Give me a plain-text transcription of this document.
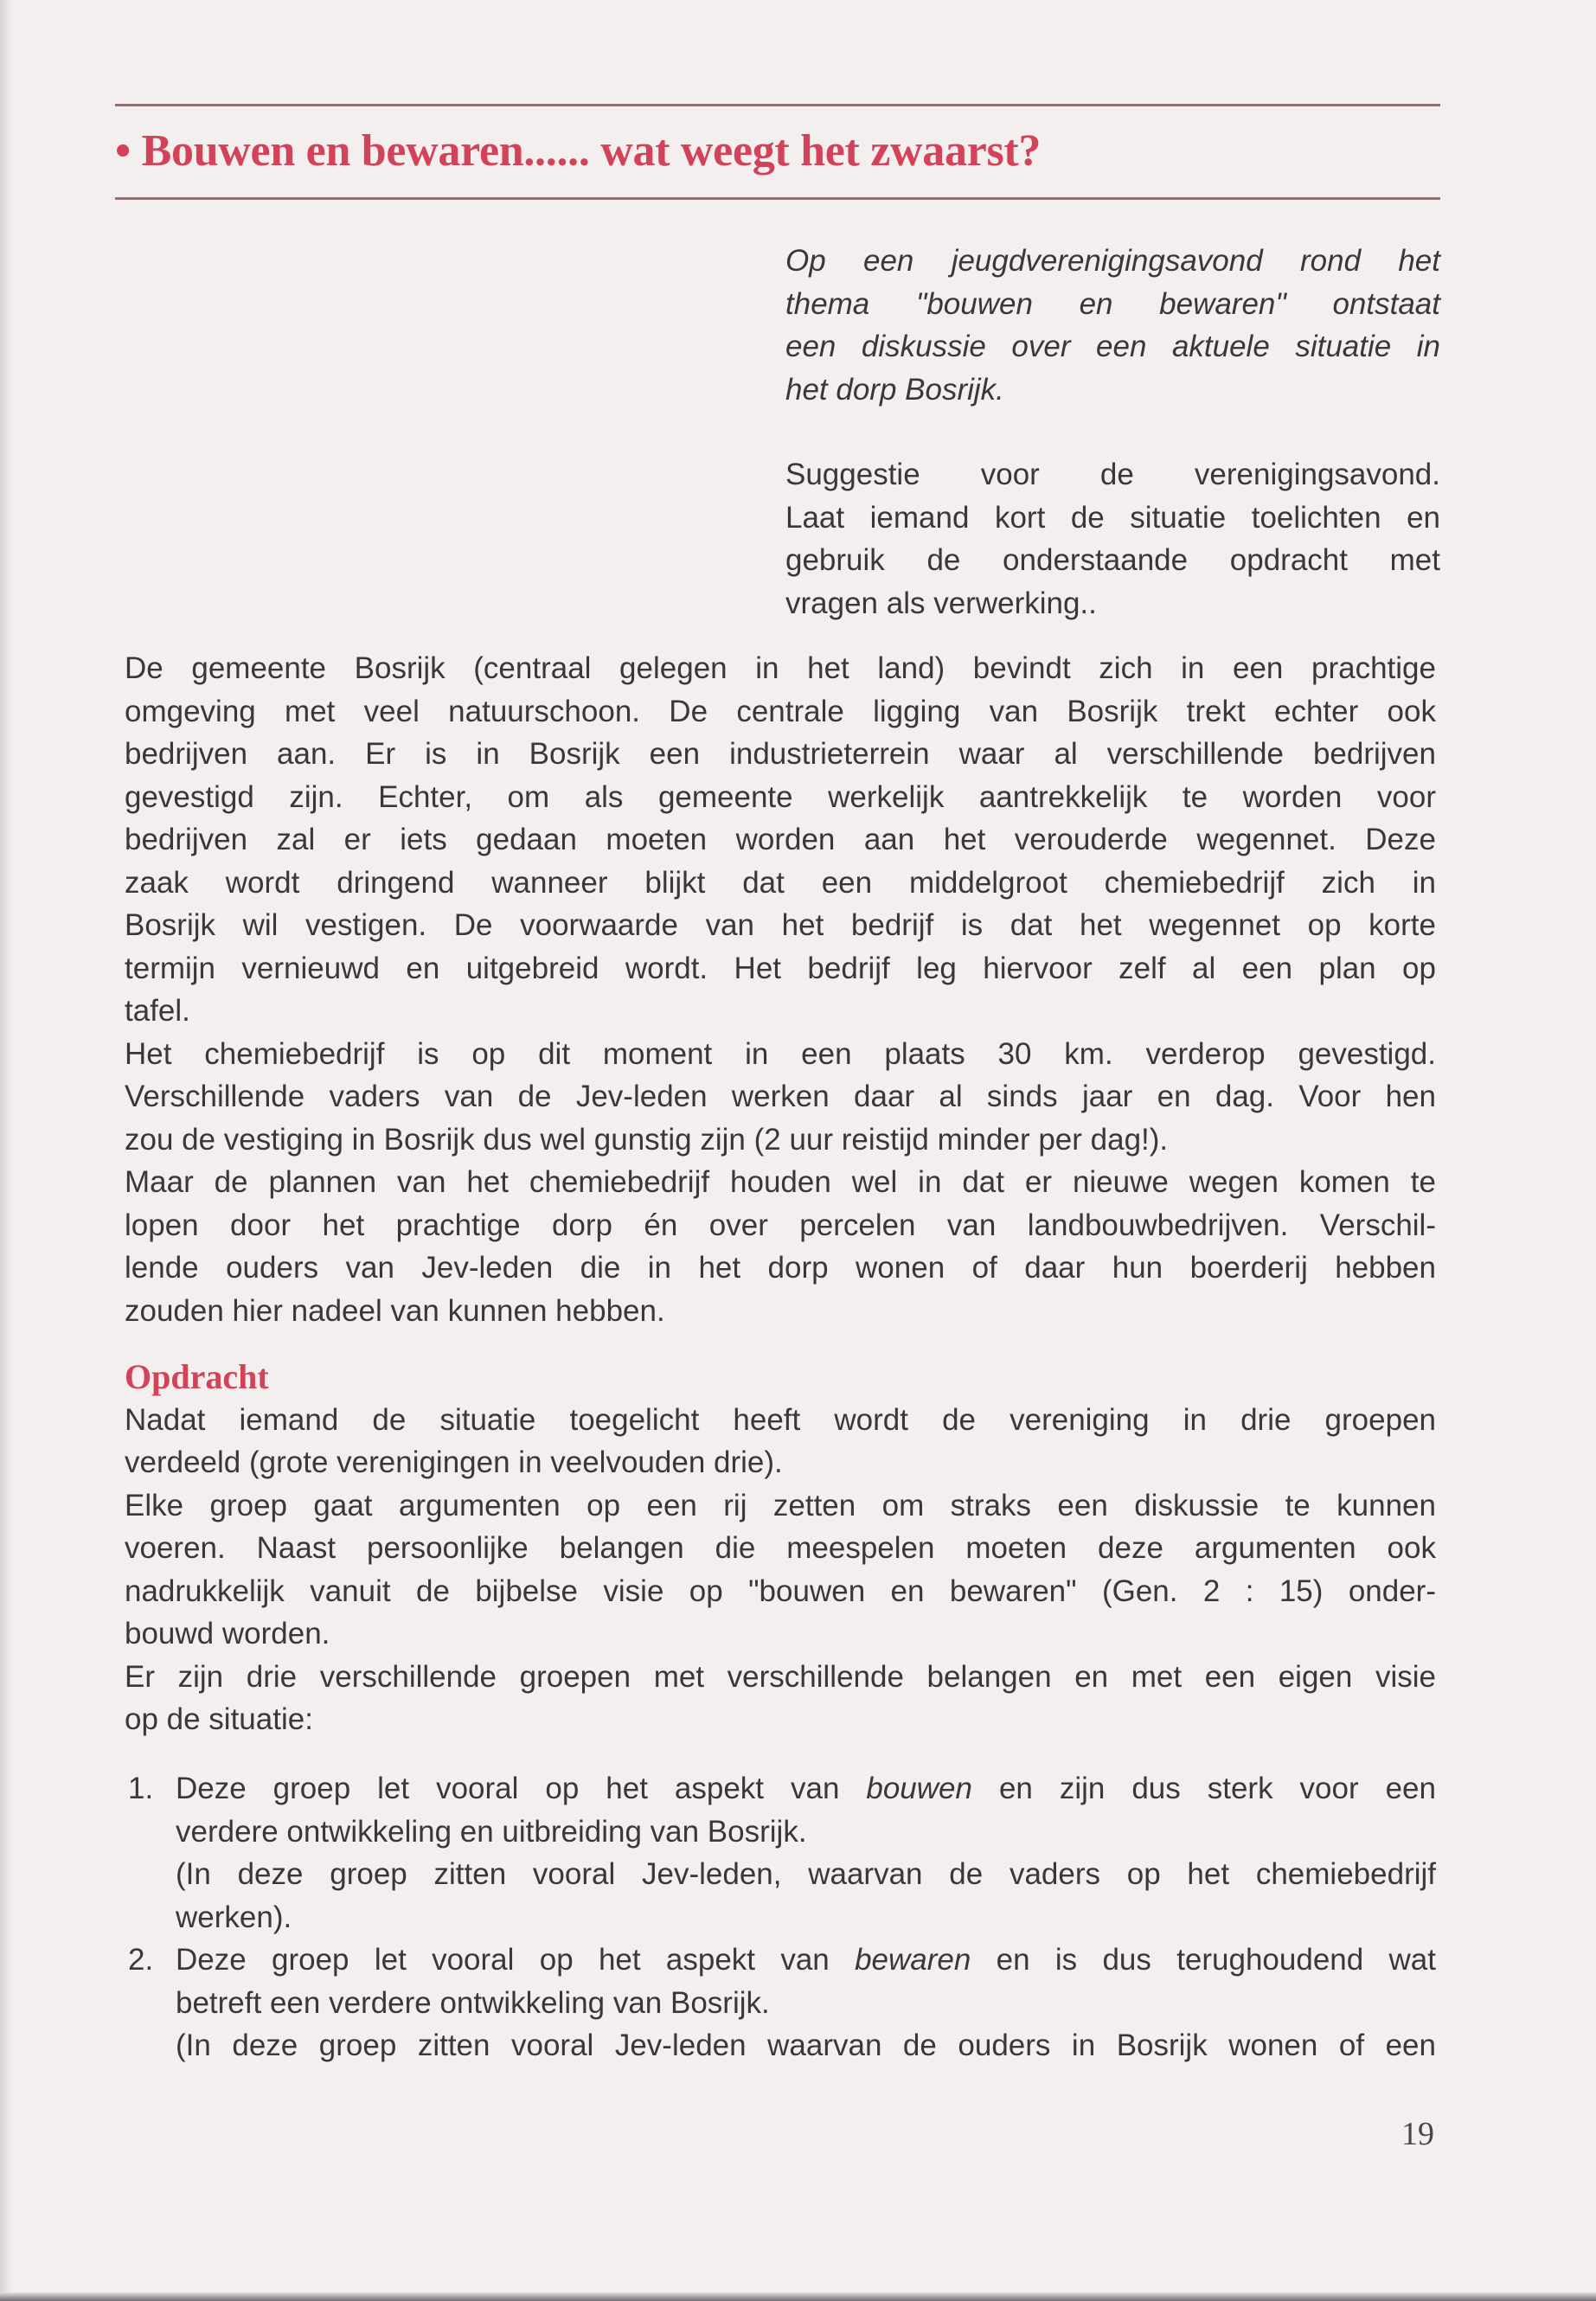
• Bouwen en bewaren...... wat weegt het zwaarst?
Op een jeugdverenigingsavond rond het
thema "bouwen en bewaren" ontstaat
een diskussie over een aktuele situatie in
het dorp Bosrijk.
Suggestie voor de verenigingsavond.
Laat iemand kort de situatie toelichten en
gebruik de onderstaande opdracht met
vragen als verwerking..
De gemeente Bosrijk (centraal gelegen in het land) bevindt zich in een prachtige
omgeving met veel natuurschoon. De centrale ligging van Bosrijk trekt echter ook
bedrijven aan. Er is in Bosrijk een industrieterrein waar al verschillende bedrijven
gevestigd zijn. Echter, om als gemeente werkelijk aantrekkelijk te worden voor
bedrijven zal er iets gedaan moeten worden aan het verouderde wegennet. Deze
zaak wordt dringend wanneer blijkt dat een middelgroot chemiebedrijf zich in
Bosrijk wil vestigen. De voorwaarde van het bedrijf is dat het wegennet op korte
termijn vernieuwd en uitgebreid wordt. Het bedrijf leg hiervoor zelf al een plan op
tafel.
Het chemiebedrijf is op dit moment in een plaats 30 km. verderop gevestigd.
Verschillende vaders van de Jev-leden werken daar al sinds jaar en dag. Voor hen
zou de vestiging in Bosrijk dus wel gunstig zijn (2 uur reistijd minder per dag!).
Maar de plannen van het chemiebedrijf houden wel in dat er nieuwe wegen komen te
lopen door het prachtige dorp én over percelen van landbouwbedrijven. Verschil-
lende ouders van Jev-leden die in het dorp wonen of daar hun boerderij hebben
zouden hier nadeel van kunnen hebben.
Opdracht
Nadat iemand de situatie toegelicht heeft wordt de vereniging in drie groepen
verdeeld (grote verenigingen in veelvouden drie).
Elke groep gaat argumenten op een rij zetten om straks een diskussie te kunnen
voeren. Naast persoonlijke belangen die meespelen moeten deze argumenten ook
nadrukkelijk vanuit de bijbelse visie op "bouwen en bewaren" (Gen. 2 : 15) onder-
bouwd worden.
Er zijn drie verschillende groepen met verschillende belangen en met een eigen visie
op de situatie:
1. Deze groep let vooral op het aspekt van bouwen en zijn dus sterk voor een
verdere ontwikkeling en uitbreiding van Bosrijk.
(In deze groep zitten vooral Jev-leden, waarvan de vaders op het chemiebedrijf
werken).
2. Deze groep let vooral op het aspekt van bewaren en is dus terughoudend wat
betreft een verdere ontwikkeling van Bosrijk.
(In deze groep zitten vooral Jev-leden waarvan de ouders in Bosrijk wonen of een
19
